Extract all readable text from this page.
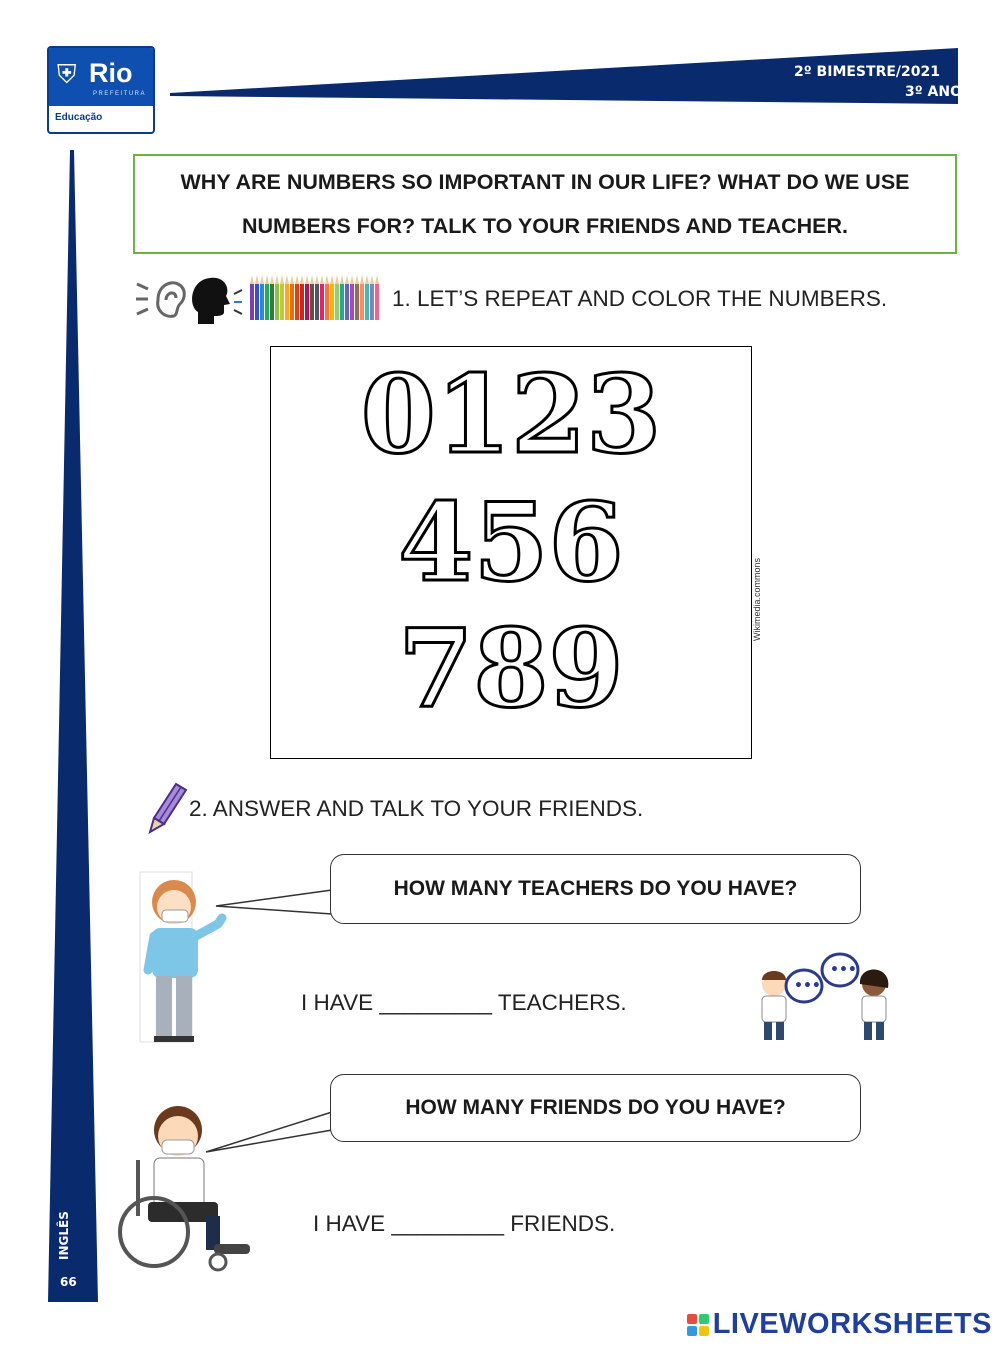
⛨ Rio
PREFEITURA
Educação
2º BIMESTRE/2021
3º ANO
INGLÊS
66
WHY ARE NUMBERS SO IMPORTANT IN OUR LIFE? WHAT DO WE USE NUMBERS FOR? TALK TO YOUR FRIENDS AND TEACHER.
1. LET’S REPEAT AND COLOR THE NUMBERS.
0123
456
789
Wikimedia.commons
2. ANSWER AND TALK TO YOUR FRIENDS.
HOW MANY TEACHERS DO YOU HAVE?
I HAVE _________ TEACHERS.
•••
•••
HOW MANY FRIENDS DO YOU HAVE?
I HAVE _________ FRIENDS.
LIVEWORKSHEETS
